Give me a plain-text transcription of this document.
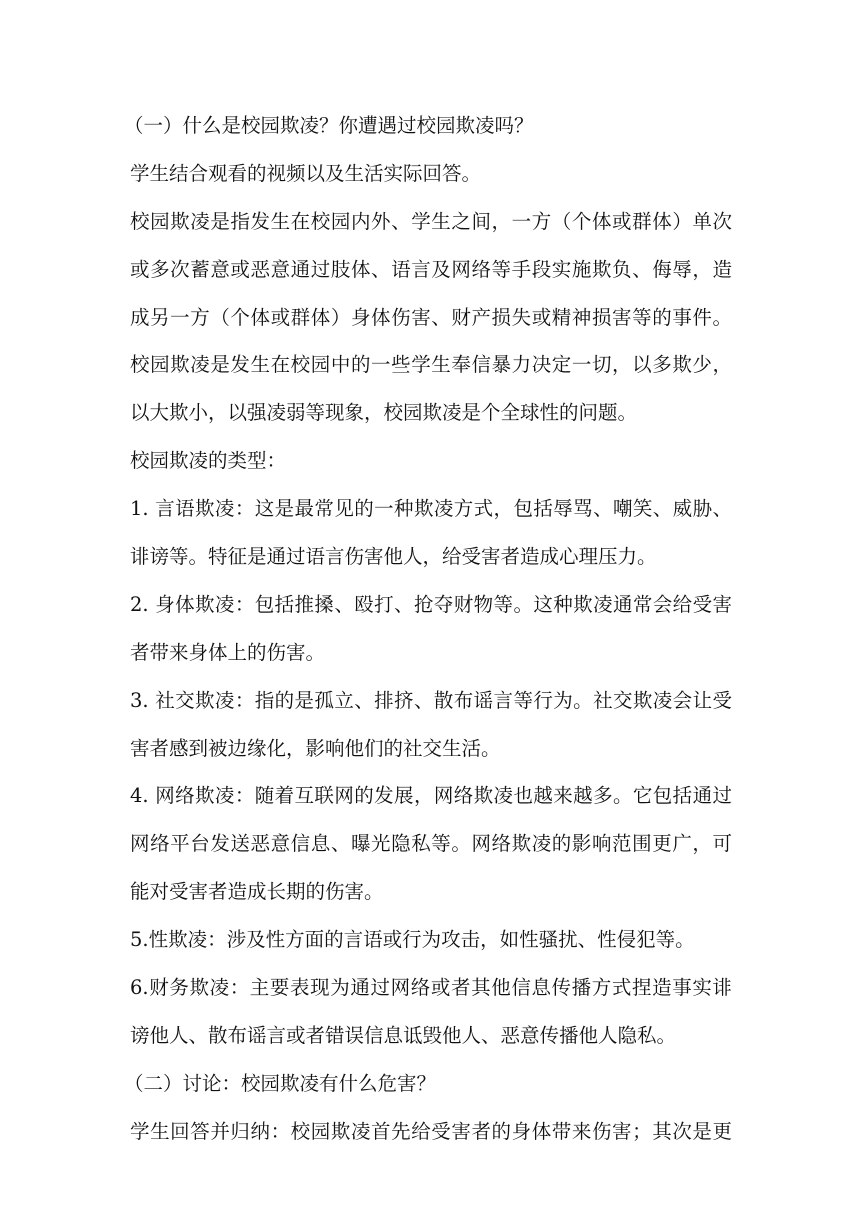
（一）什么是校园欺凌？你遭遇过校园欺凌吗？
学生结合观看的视频以及生活实际回答。
校园欺凌是指发生在校园内外、学生之间，一方（个体或群体）单次
或多次蓄意或恶意通过肢体、语言及网络等手段实施欺负、侮辱，造
成另一方（个体或群体）身体伤害、财产损失或精神损害等的事件。
校园欺凌是发生在校园中的一些学生奉信暴力决定一切，以多欺少，
以大欺小，以强凌弱等现象，校园欺凌是个全球性的问题。
校园欺凌的类型：
1. 言语欺凌：这是最常见的一种欺凌方式，包括辱骂、嘲笑、威胁、
诽谤等。特征是通过语言伤害他人，给受害者造成心理压力。
2. 身体欺凌：包括推搡、殴打、抢夺财物等。这种欺凌通常会给受害
者带来身体上的伤害。
3. 社交欺凌：指的是孤立、排挤、散布谣言等行为。社交欺凌会让受
害者感到被边缘化，影响他们的社交生活。
4. 网络欺凌：随着互联网的发展，网络欺凌也越来越多。它包括通过
网络平台发送恶意信息、曝光隐私等。网络欺凌的影响范围更广，可
能对受害者造成长期的伤害。
5.性欺凌：涉及性方面的言语或行为攻击，如性骚扰、性侵犯等。
6.财务欺凌：主要表现为通过网络或者其他信息传播方式捏造事实诽
谤他人、散布谣言或者错误信息诋毁他人、恶意传播他人隐私。
（二）讨论：校园欺凌有什么危害？
学生回答并归纳：校园欺凌首先给受害者的身体带来伤害；其次是更
